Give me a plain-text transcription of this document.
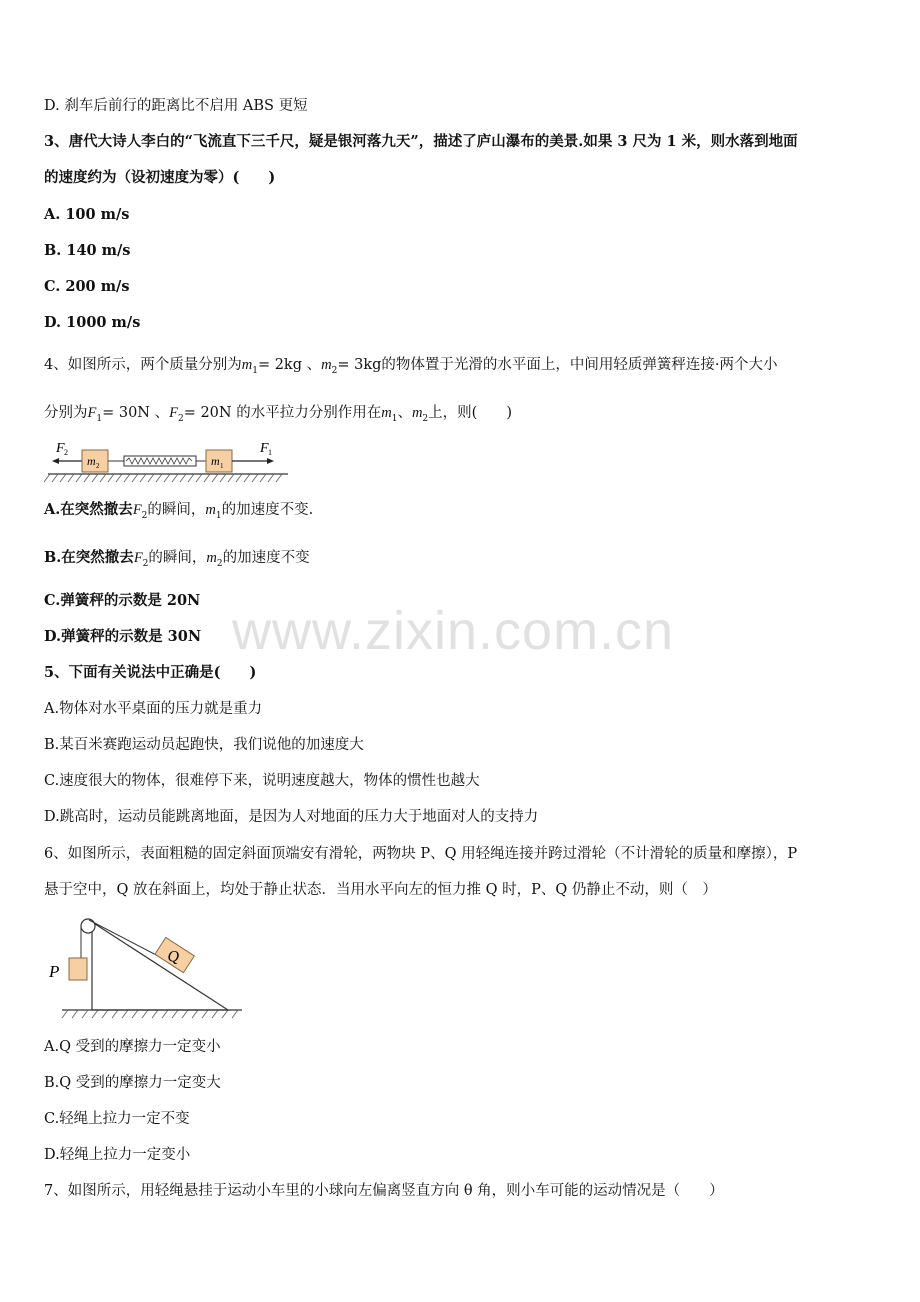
D. 刹车后前行的距离比不启用 ABS 更短
3、唐代大诗人李白的“飞流直下三千尺，疑是银河落九天”，描述了庐山瀑布的美景.如果 3 尺为 1 米，则水落到地面
的速度约为（设初速度为零）(　　)
A. 100 m/s
B. 140 m/s
C. 200 m/s
D. 1000 m/s
4、如图所示，两个质量分别为$m_1= 2kg$ 、$m_2= 3kg$的物体置于光滑的水平面上，中间用轻质弹簧秤连接·两个大小
分别为$F_1= 30N$ 、$F_2= 20N$ 的水平拉力分别作用在$m_1$、$m_2$上，则(　　)
F 2
m 2	m 1
F 1
A.在突然撤去$F_2$的瞬间，$m_1$的加速度不变.
B.在突然撤去$F_2$的瞬间，$m_2$的加速度不变
C.弹簧秤的示数是 20N
D.弹簧秤的示数是 30N www.zixin.com.cn
5、下面有关说法中正确是(　　)
A.物体对水平桌面的压力就是重力
B.某百米赛跑运动员起跑快，我们说他的加速度大
C.速度很大的物体，很难停下来，说明速度越大，物体的惯性也越大
D.跳高时，运动员能跳离地面，是因为人对地面的压力大于地面对人的支持力
6、如图所示，表面粗糙的固定斜面顶端安有滑轮，两物块 P、Q 用轻绳连接并跨过滑轮（不计滑轮的质量和摩擦），P
悬于空中，Q 放在斜面上，均处于静止状态．当用水平向左的恒力推 Q 时，P、Q 仍静止不动，则（　）
P
Q
A.Q 受到的摩擦力一定变小
B.Q 受到的摩擦力一定变大
C.轻绳上拉力一定不变
D.轻绳上拉力一定变小
7、如图所示，用轻绳悬挂于运动小车里的小球向左偏离竖直方向 θ 角，则小车可能的运动情况是（　　）
